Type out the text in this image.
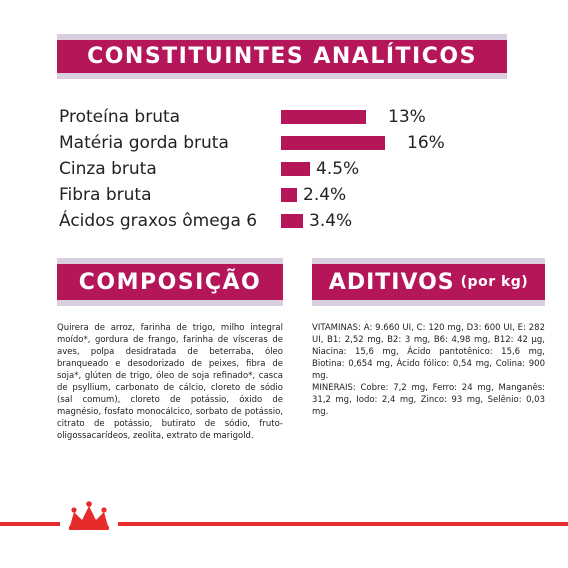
CONSTITUINTES ANALÍTICOS
Proteína bruta	13%
Matéria gorda bruta	16%
Cinza bruta	4.5%
Fibra bruta	2.4%
Ácidos graxos ômega 6	3.4%
COMPOSIÇÃO	ADITIVOS (por kg)
Quirera de arroz, farinha de trigo, milho integral moído*, gordura de frango, farinha de vísceras de aves, polpa desidratada de beterraba, óleo branqueado e desodorizado de peixes, fibra de soja*, glúten de trigo, óleo de soja refinado*, casca de psyllium, carbonato de cálcio, cloreto de sódio (sal comum), cloreto de potássio, óxido de magnésio, fosfato monocálcico, sorbato de potássio, citrato de potássio, butirato de sódio, fruto-oligossacarídeos, zeolita, extrato de marigold.

VITAMINAS: A: 9.660 UI, C: 120 mg, D3: 600 UI, E: 282 UI, B1: 2,52 mg, B2: 3 mg, B6: 4,98 mg, B12: 42 µg, Niacina: 15,6 mg, Ácido pantotênico: 15,6 mg, Biotina: 0,654 mg, Ácido fólico: 0,54 mg, Colina: 900 mg.

MINERAIS: Cobre: 7,2 mg, Ferro: 24 mg, Manganês: 31,2 mg, Iodo: 2,4 mg, Zinco: 93 mg, Selênio: 0,03 mg.
